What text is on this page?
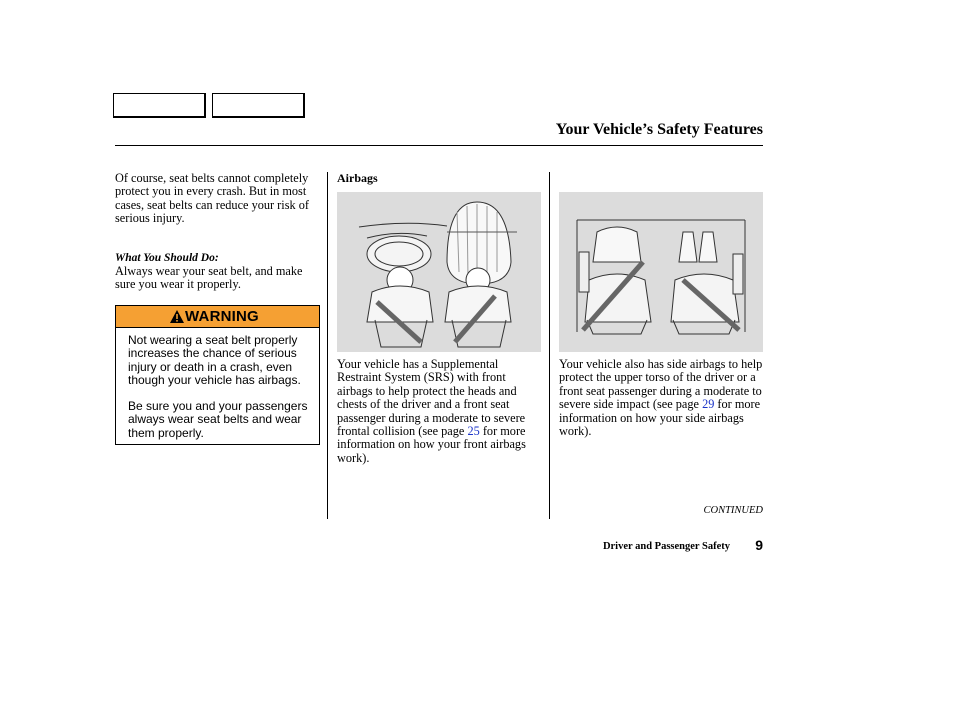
Your Vehicle’s Safety Features
Of course, seat belts cannot completely protect you in every crash. But in most cases, seat belts can reduce your risk of serious injury.
What You Should Do:
Always wear your seat belt, and make sure you wear it properly.
WARNING

Not wearing a seat belt properly increases the chance of serious injury or death in a crash, even though your vehicle has airbags.

Be sure you and your passengers always wear seat belts and wear them properly.

Airbags
Your vehicle has a Supplemental Restraint System (SRS) with front airbags to help protect the heads and chests of the driver and a front seat passenger during a moderate to severe frontal collision (see page 25 for more information on how your front airbags work).
Your vehicle also has side airbags to help protect the upper torso of the driver or a front seat passenger during a moderate to severe side impact (see page 29 for more information on how your side airbags work).
CONTINUED
Driver and Passenger Safety 9
